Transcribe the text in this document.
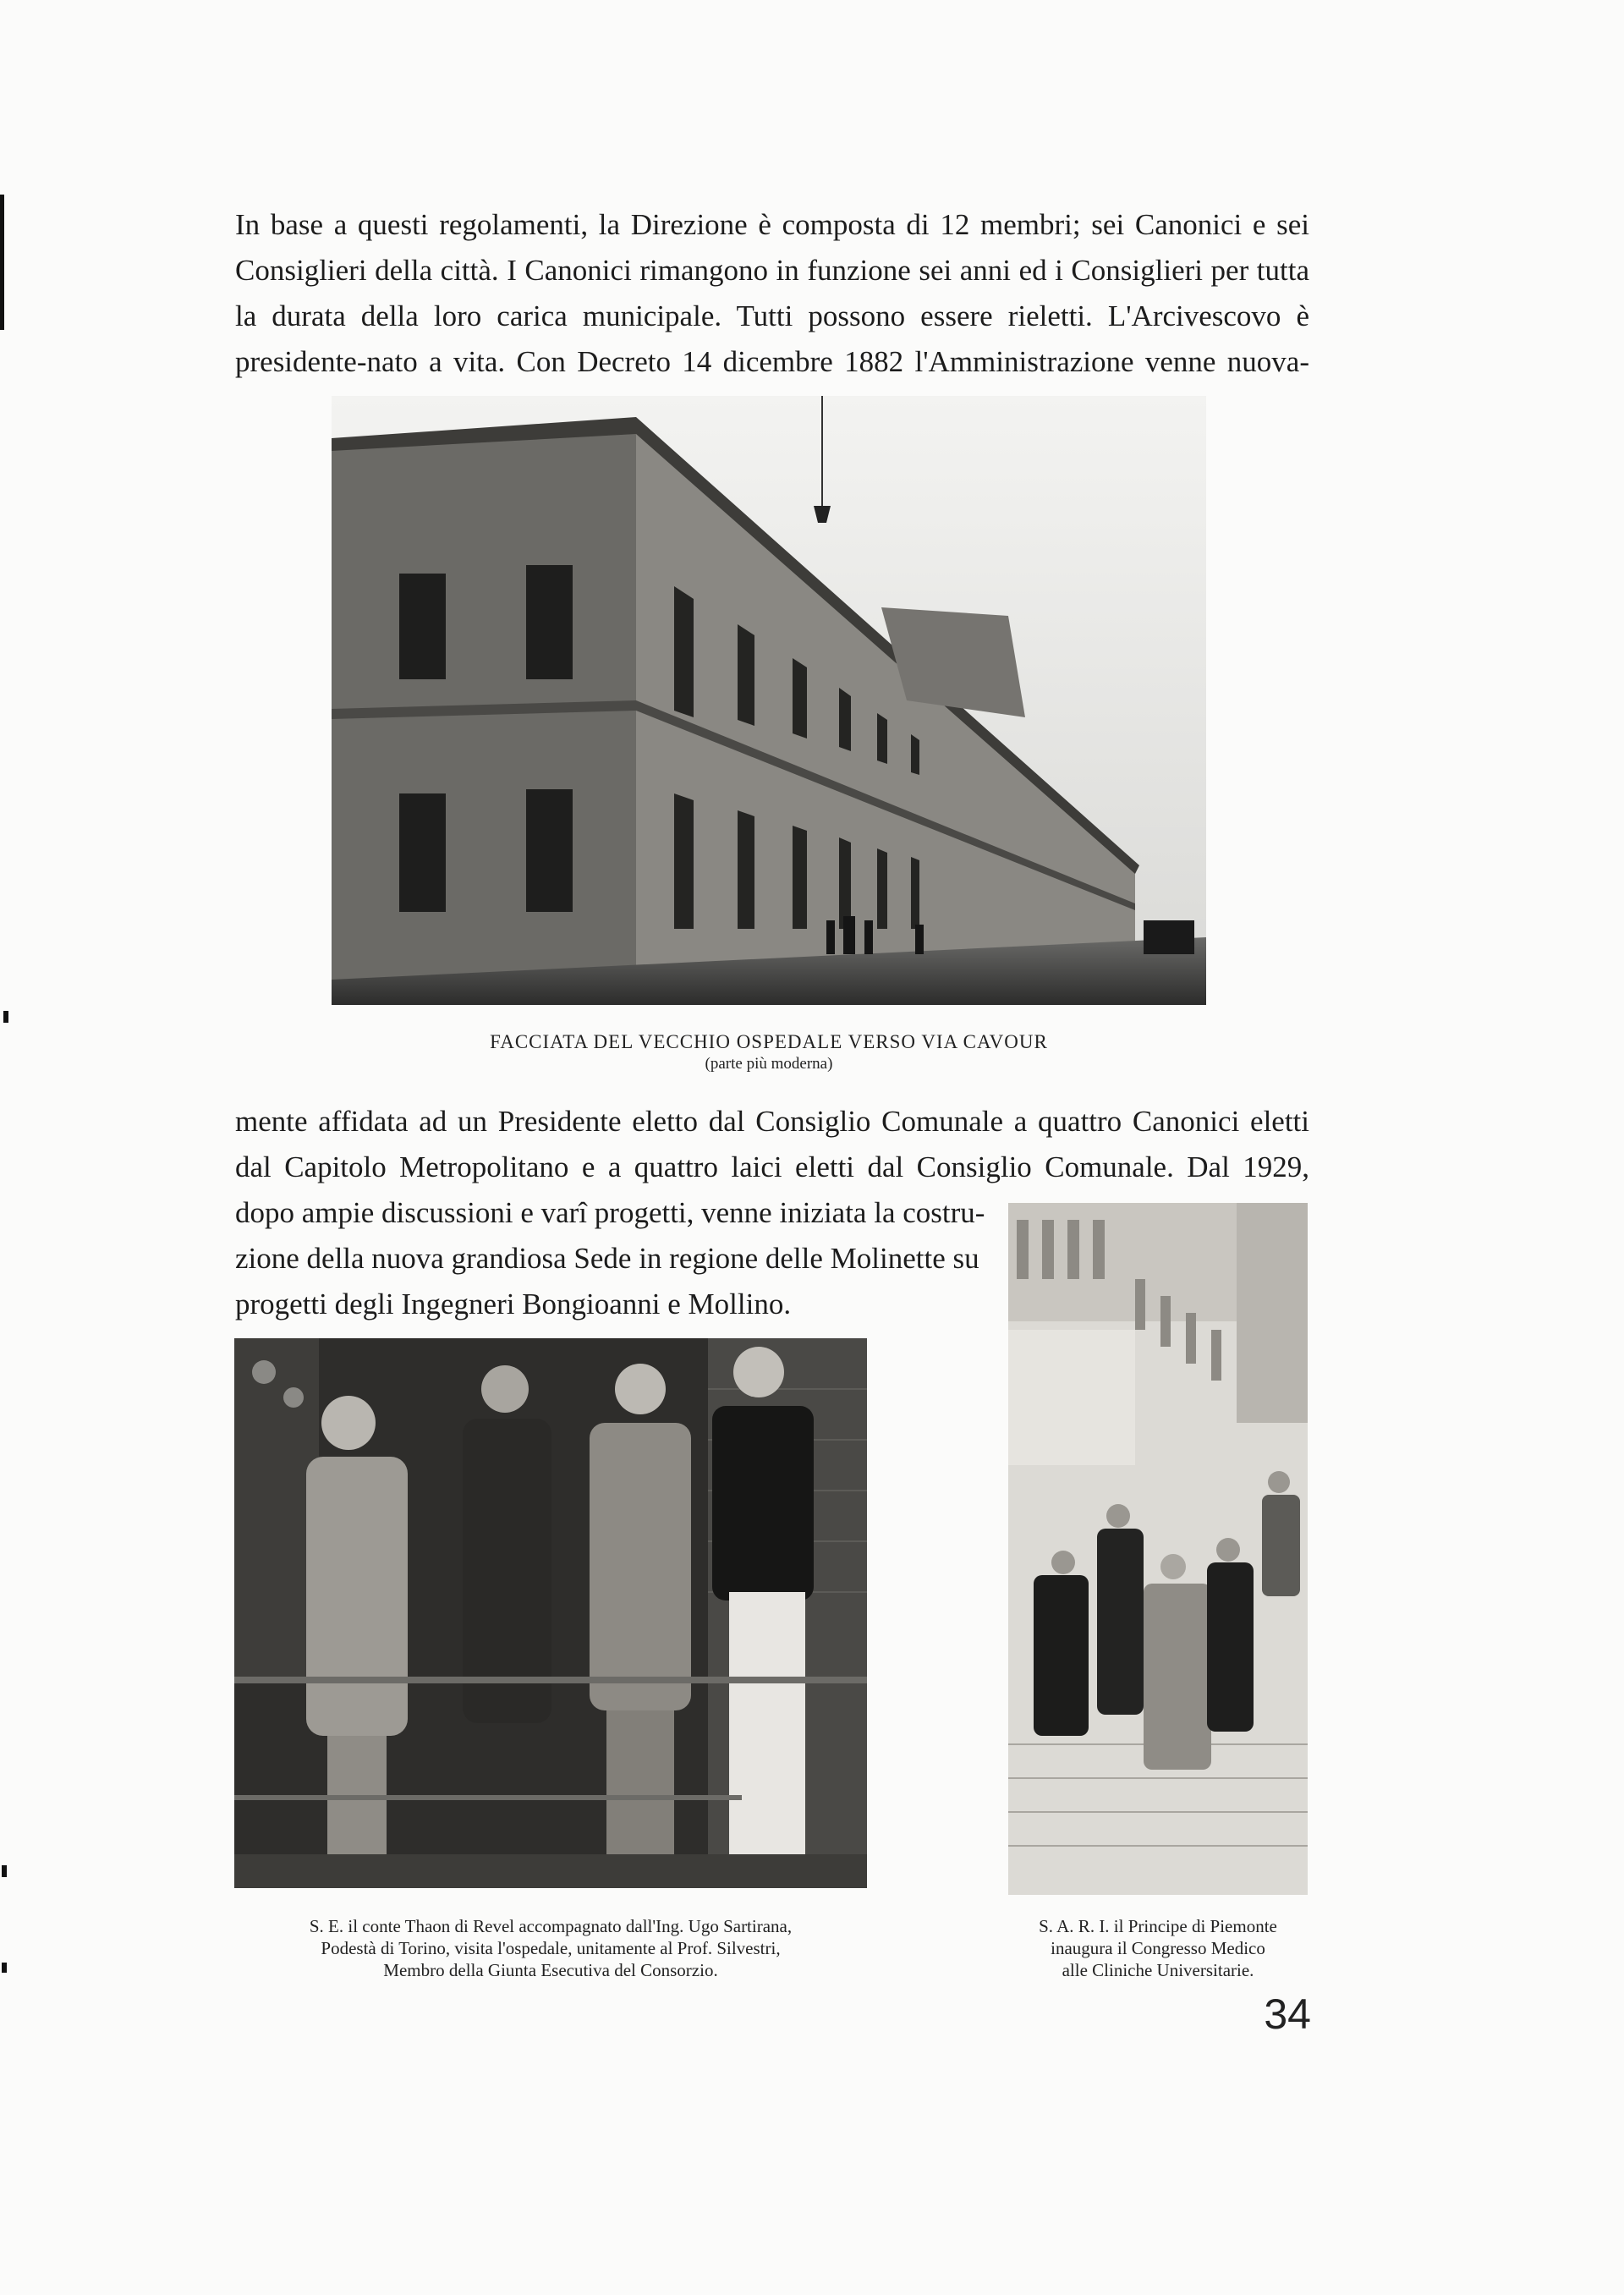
In base a questi regolamenti, la Direzione è composta di 12 membri; sei Canonici e sei
Consiglieri della città. I Canonici rimangono in funzione sei anni ed i Consiglieri per tutta
la durata della loro carica municipale. Tutti possono essere rieletti. L'Arcivescovo è
presidente-nato a vita. Con Decreto 14 dicembre 1882 l'Amministrazione venne nuova-

FACCIATA DEL VECCHIO OSPEDALE VERSO VIA CAVOUR
(parte più moderna)

mente affidata ad un Presidente eletto dal Consiglio Comunale a quattro Canonici eletti
dal Capitolo Metropolitano e a quattro laici eletti dal Consiglio Comunale. Dal 1929,

dopo ampie discussioni e varî progetti, venne iniziata la costru-
zione della nuova grandiosa Sede in regione delle Molinette su
progetti degli Ingegneri Bongioanni e Mollino.

S. E. il conte Thaon di Revel accompagnato dall'Ing. Ugo Sartirana,
Podestà di Torino, visita l'ospedale, unitamente al Prof. Silvestri,
Membro della Giunta Esecutiva del Consorzio.

S. A. R. I. il Principe di Piemonte
inaugura il Congresso Medico
alle Cliniche Universitarie.

34
